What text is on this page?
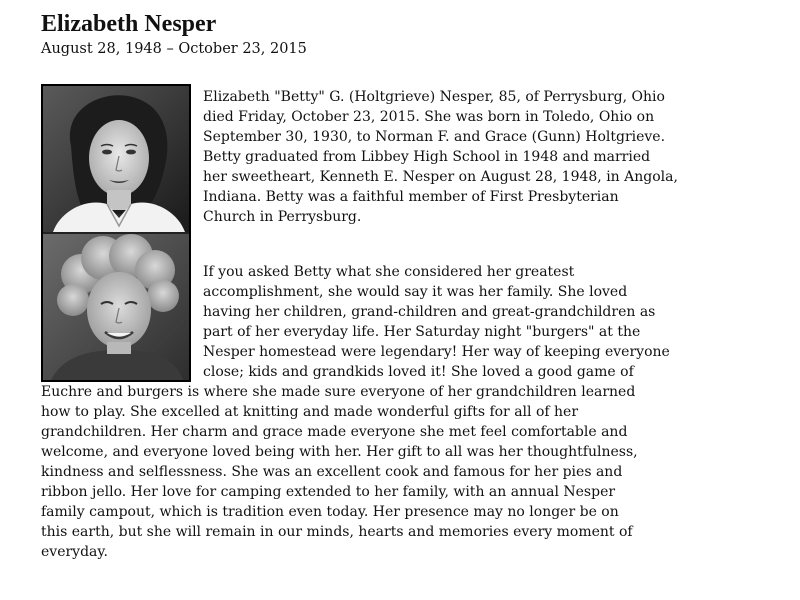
Elizabeth Nesper
August 28, 1948 – October 23, 2015
Elizabeth "Betty" G. (Holtgrieve) Nesper, 85, of Perrysburg, Ohio
died Friday, October 23, 2015. She was born in Toledo, Ohio on
September 30, 1930, to Norman F. and Grace (Gunn) Holtgrieve.
Betty graduated from Libbey High School in 1948 and married
her sweetheart, Kenneth E. Nesper on August 28, 1948, in Angola,
Indiana. Betty was a faithful member of First Presbyterian
Church in Perrysburg.
If you asked Betty what she considered her greatest
accomplishment, she would say it was her family. She loved
having her children, grand-children and great-grandchildren as
part of her everyday life. Her Saturday night "burgers" at the
Nesper homestead were legendary! Her way of keeping everyone
close; kids and grandkids loved it! She loved a good game of
Euchre and burgers is where she made sure everyone of her grandchildren learned
how to play. She excelled at knitting and made wonderful gifts for all of her
grandchildren. Her charm and grace made everyone she met feel comfortable and
welcome, and everyone loved being with her. Her gift to all was her thoughtfulness,
kindness and selflessness. She was an excellent cook and famous for her pies and
ribbon jello. Her love for camping extended to her family, with an annual Nesper
family campout, which is tradition even today. Her presence may no longer be on
this earth, but she will remain in our minds, hearts and memories every moment of
everyday.
